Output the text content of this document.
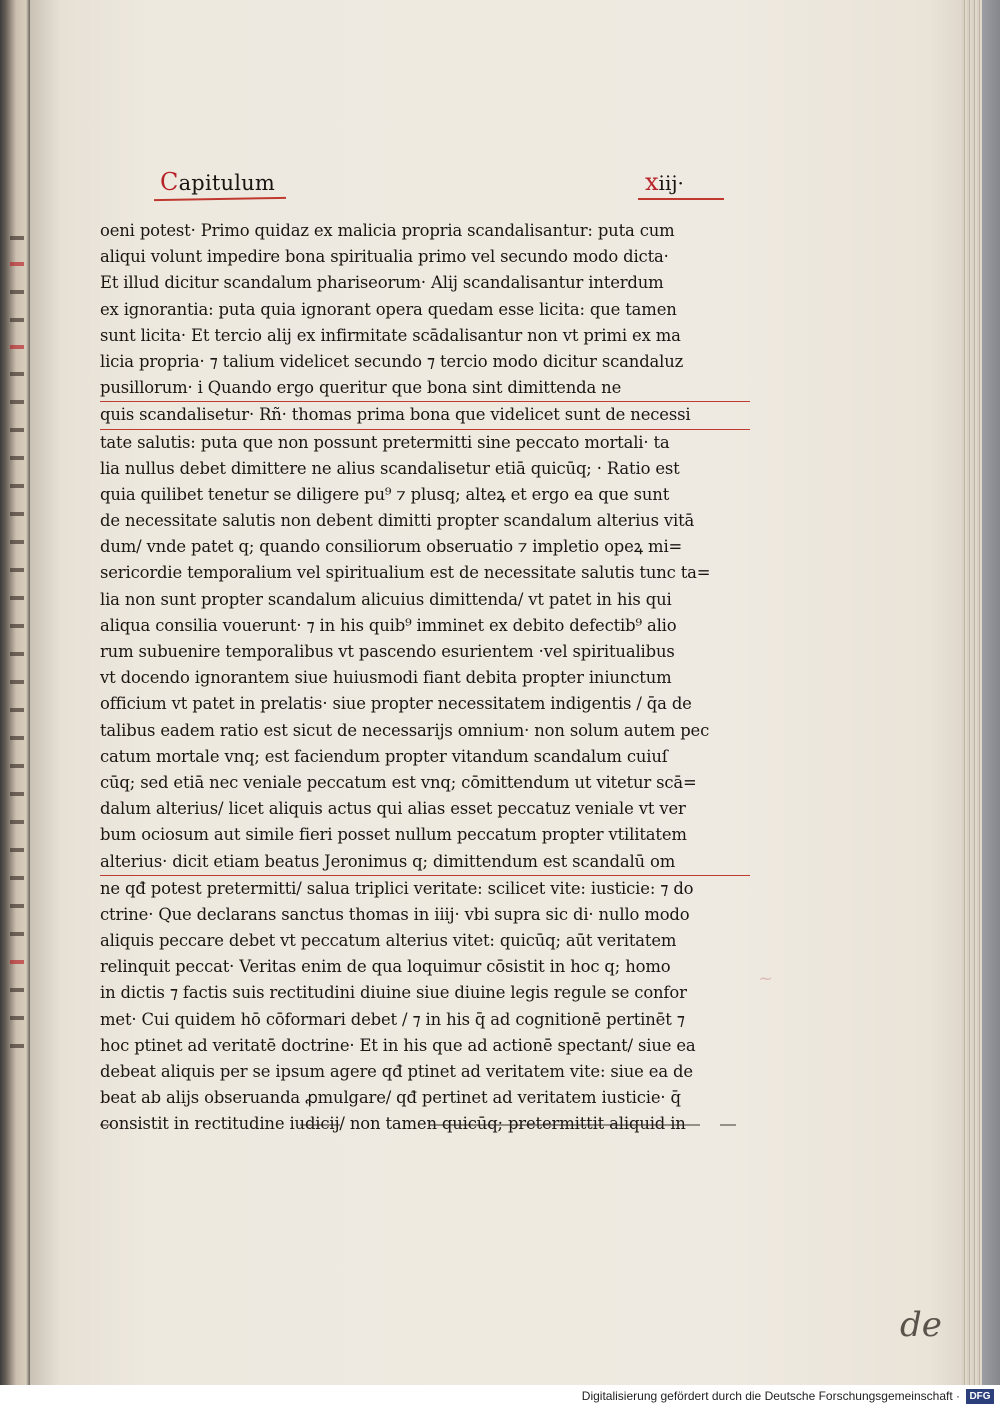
Capitulum	xiij·
oeni potest· Primo quidaz ex malicia propria scandalisantur: puta cum
aliqui volunt impedire bona spiritualia primo vel secundo modo dicta·
Et illud dicitur scandalum phariseorum· Alij scandalisantur interdum
ex ignorantia: puta quia ignorant opera quedam esse licita: que tamen
sunt licita· Et tercio alij ex infirmitate scādalisantur non vt primi ex ma
licia propria· ⁊ talium videlicet secundo ⁊ tercio modo dicitur scandaluz
pusillorum· i Quando ergo queritur que bona sint dimittenda ne
quis scandalisetur· Rñ· thomas prima bona que videlicet sunt de necessi
tate salutis: puta que non possunt pretermitti sine peccato mortali· ta
lia nullus debet dimittere ne alius scandalisetur etiā quicūq; · Ratio est
quia quilibet tenetur se diligere pu⁹ ⁊ plusq; alteꝝ et ergo ea que sunt
de necessitate salutis non debent dimitti propter scandalum alterius vitā
dum/ vnde patet q; quando consiliorum obseruatio ⁊ impletio opeꝝ mi=
sericordie temporalium vel spiritualium est de necessitate salutis tunc ta=
lia non sunt propter scandalum alicuius dimittenda/ vt patet in his qui
aliqua consilia vouerunt· ⁊ in his quib⁹ imminet ex debito defectib⁹ alio
rum subuenire temporalibus vt pascendo esurientem ·vel spiritualibus
vt docendo ignorantem siue huiusmodi fiant debita propter iniunctum
officium vt patet in prelatis· siue propter necessitatem indigentis / q̄a de
talibus eadem ratio est sicut de necessarijs omnium· non solum autem pec
catum mortale vnq; est faciendum propter vitandum scandalum cuiuſ
cūq; sed etiā nec veniale peccatum est vnq; cōmittendum ut vitetur scā=
dalum alterius/ licet aliquis actus qui alias esset peccatuz veniale vt ver
bum ociosum aut simile fieri posset nullum peccatum propter vtilitatem
alterius· dicit etiam beatus Jeronimus q; dimittendum est scandalū om
ne qđ potest pretermitti/ salua triplici veritate: scilicet vite: iusticie: ⁊ do
ctrine· Que declarans sanctus thomas in iiij· vbi supra sic di· nullo modo
aliquis peccare debet vt peccatum alterius vitet: quicūq; aūt veritatem
relinquit peccat· Veritas enim de qua loquimur cōsistit in hoc q; homo
in dictis ⁊ factis suis rectitudini diuine siue diuine legis regule se confor
met· Cui quidem hō cōformari debet / ⁊ in his q̄ ad cognitionē pertinēt ⁊
hoc ptinet ad veritatē doctrine· Et in his que ad actionē spectant/ siue ea
debeat aliquis per se ipsum agere qđ ptinet ad veritatem vite: siue ea de
beat ab alijs obseruanda ꝓmulgare/ qđ pertinet ad veritatem iusticie· q̄
consistit in rectitudine iudicij/ non tamen quicūq; pretermittit aliquid in
~
de
Digitalisierung gefördert durch die Deutsche Forschungsgemeinschaft · DFG
